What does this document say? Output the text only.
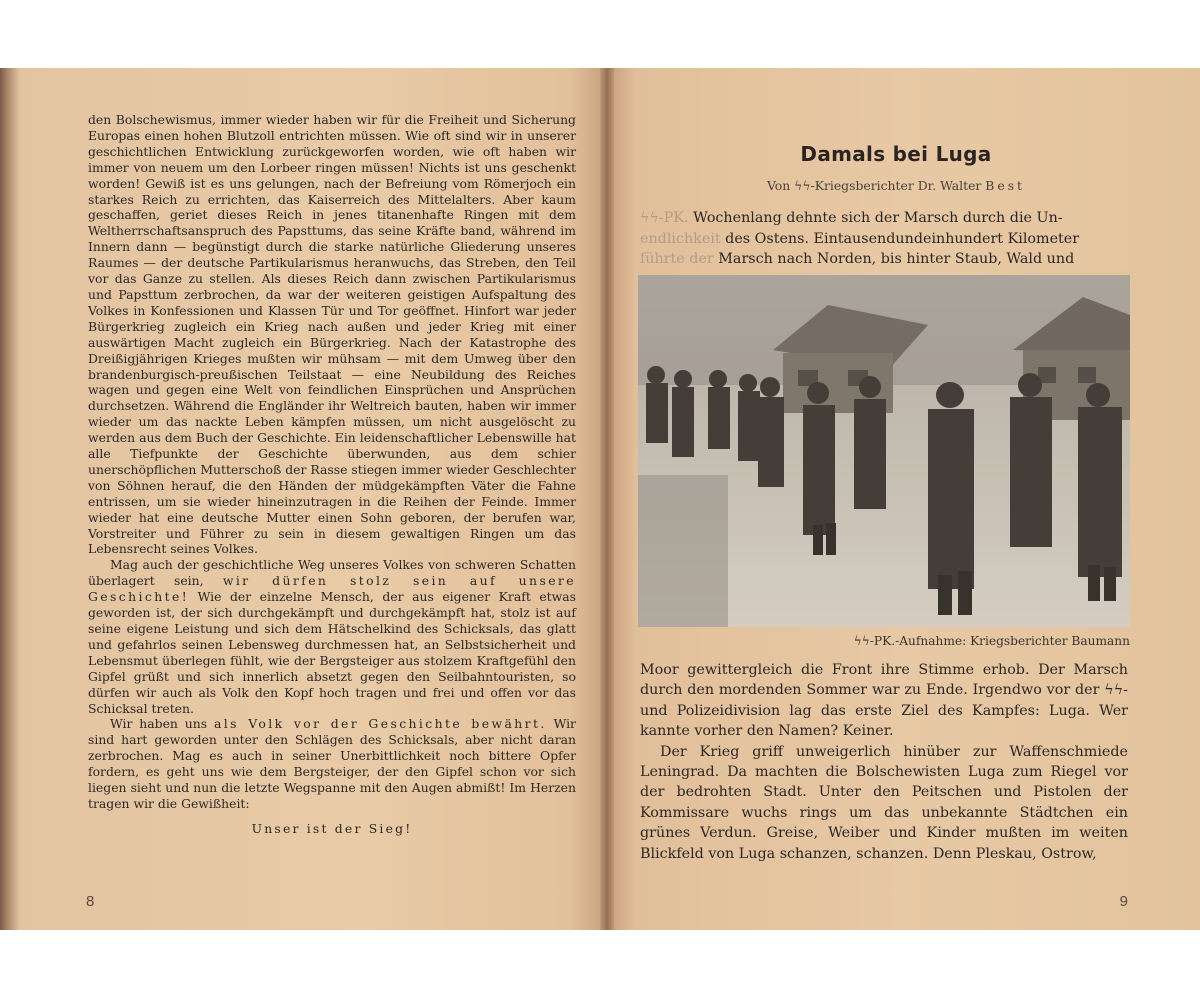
den Bolschewismus, immer wieder haben wir für die Freiheit und Sicherung Europas einen hohen Blutzoll entrichten müssen. Wie oft sind wir in unserer geschichtlichen Entwicklung zurückgeworfen worden, wie oft haben wir immer von neuem um den Lorbeer ringen müssen! Nichts ist uns geschenkt worden! Gewiß ist es uns gelungen, nach der Befreiung vom Römerjoch ein starkes Reich zu errichten, das Kaiserreich des Mittelalters. Aber kaum geschaffen, geriet dieses Reich in jenes titanenhafte Ringen mit dem Weltherrschaftsanspruch des Papsttums, das seine Kräfte band, während im Innern dann — begünstigt durch die starke natürliche Gliederung unseres Raumes — der deutsche Partikularismus heranwuchs, das Streben, den Teil vor das Ganze zu stellen. Als dieses Reich dann zwischen Partikularismus und Papsttum zerbrochen, da war der weiteren geistigen Aufspaltung des Volkes in Konfessionen und Klassen Tür und Tor geöffnet. Hinfort war jeder Bürgerkrieg zugleich ein Krieg nach außen und jeder Krieg mit einer auswärtigen Macht zugleich ein Bürgerkrieg. Nach der Katastrophe des Dreißigjährigen Krieges mußten wir mühsam — mit dem Umweg über den brandenburgisch-preußischen Teilstaat — eine Neubildung des Reiches wagen und gegen eine Welt von feindlichen Einsprüchen und Ansprüchen durchsetzen. Während die Engländer ihr Weltreich bauten, haben wir immer wieder um das nackte Leben kämpfen müssen, um nicht ausgelöscht zu werden aus dem Buch der Geschichte. Ein leidenschaftlicher Lebenswille hat alle Tiefpunkte der Geschichte überwunden, aus dem schier unerschöpflichen Mutterschoß der Rasse stiegen immer wieder Geschlechter von Söhnen herauf, die den Händen der müdgekämpften Väter die Fahne entrissen, um sie wieder hineinzutragen in die Reihen der Feinde. Immer wieder hat eine deutsche Mutter einen Sohn geboren, der berufen war, Vorstreiter und Führer zu sein in diesem gewaltigen Ringen um das Lebensrecht seines Volkes.

Mag auch der geschichtliche Weg unseres Volkes von schweren Schatten überlagert sein, wir dürfen stolz sein auf unsere Geschichte! Wie der einzelne Mensch, der aus eigener Kraft etwas geworden ist, der sich durchgekämpft und durchgekämpft hat, stolz ist auf seine eigene Leistung und sich dem Hätschelkind des Schicksals, das glatt und gefahrlos seinen Lebensweg durchmessen hat, an Selbstsicherheit und Lebensmut überlegen fühlt, wie der Bergsteiger aus stolzem Kraftgefühl den Gipfel grüßt und sich innerlich absetzt gegen den Seilbahntouristen, so dürfen wir auch als Volk den Kopf hoch tragen und frei und offen vor das Schicksal treten.

Wir haben uns als Volk vor der Geschichte bewährt. Wir sind hart geworden unter den Schlägen des Schicksals, aber nicht daran zerbrochen. Mag es auch in seiner Unerbittlichkeit noch bittere Opfer fordern, es geht uns wie dem Bergsteiger, der den Gipfel schon vor sich liegen sieht und nun die letzte Wegspanne mit den Augen abmißt! Im Herzen tragen wir die Gewißheit:

Unser ist der Sieg!
8
Damals bei Luga
Von ϟϟ-Kriegsberichter Dr. Walter Best

ϟϟ-PK. Wochenlang dehnte sich der Marsch durch die Un-

endlichkeit des Ostens. Eintausendundeinhundert Kilometer

führte der Marsch nach Norden, bis hinter Staub, Wald und

ϟϟ-PK.-Aufnahme: Kriegsberichter Baumann

Moor gewittergleich die Front ihre Stimme erhob. Der Marsch durch den mordenden Sommer war zu Ende. Irgendwo vor der ϟϟ- und Polizeidivision lag das erste Ziel des Kampfes: Luga. Wer kannte vorher den Namen? Keiner.

Der Krieg griff unweigerlich hinüber zur Waffenschmiede Leningrad. Da machten die Bolschewisten Luga zum Riegel vor der bedrohten Stadt. Unter den Peitschen und Pistolen der Kommissare wuchs rings um das unbekannte Städtchen ein grünes Verdun. Greise, Weiber und Kinder mußten im weiten Blickfeld von Luga schanzen, schanzen. Denn Pleskau, Ostrow,

9
